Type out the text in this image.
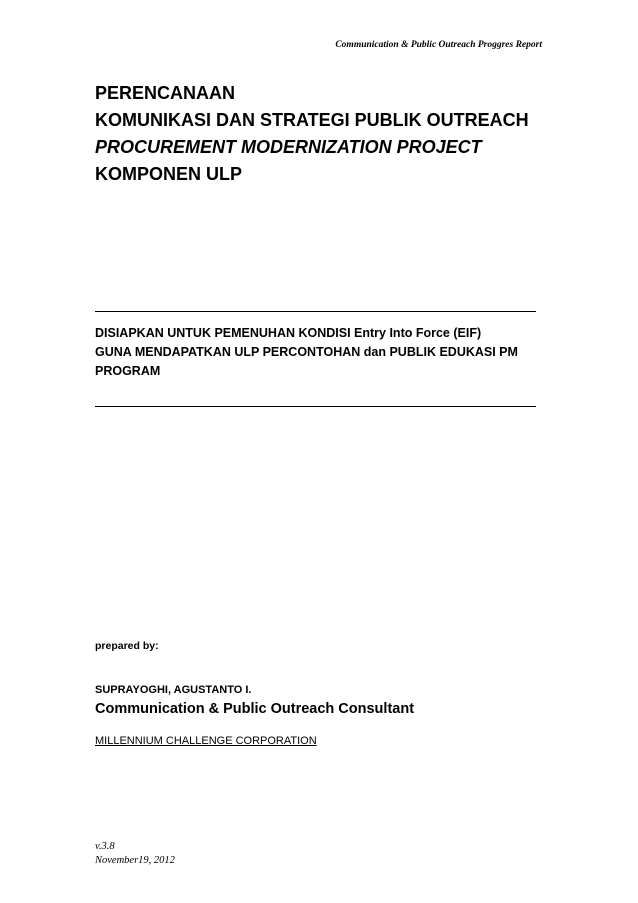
Communication & Public Outreach Proggres Report
PERENCANAAN
KOMUNIKASI DAN STRATEGI PUBLIK OUTREACH
PROCUREMENT MODERNIZATION PROJECT
KOMPONEN ULP
DISIAPKAN UNTUK PEMENUHAN KONDISI Entry Into Force (EIF)
GUNA MENDAPATKAN ULP PERCONTOHAN dan PUBLIK EDUKASI PM
PROGRAM
prepared by:
SUPRAYOGHI, AGUSTANTO I.
Communication & Public Outreach Consultant
MILLENNIUM CHALLENGE CORPORATION
v.3.8
November19, 2012
